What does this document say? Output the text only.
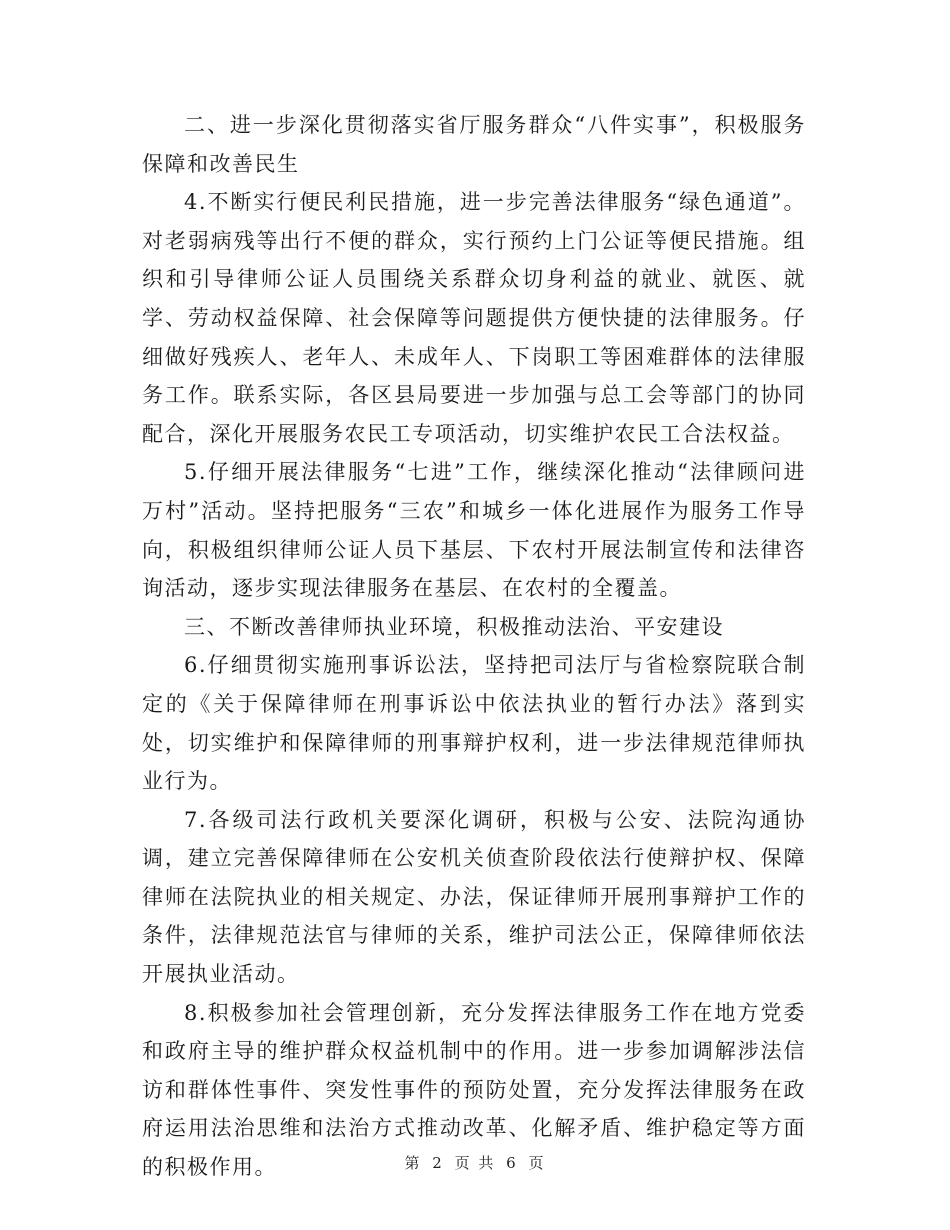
二、进一步深化贯彻落实省厅服务群众“八件实事”，积极服务保障和改善民生

4.不断实行便民利民措施，进一步完善法律服务“绿色通道”。对老弱病残等出行不便的群众，实行预约上门公证等便民措施。组织和引导律师公证人员围绕关系群众切身利益的就业、就医、就学、劳动权益保障、社会保障等问题提供方便快捷的法律服务。仔细做好残疾人、老年人、未成年人、下岗职工等困难群体的法律服务工作。联系实际，各区县局要进一步加强与总工会等部门的协同配合，深化开展服务农民工专项活动，切实维护农民工合法权益。

5.仔细开展法律服务“七进”工作，继续深化推动“法律顾问进万村”活动。坚持把服务“三农”和城乡一体化进展作为服务工作导向，积极组织律师公证人员下基层、下农村开展法制宣传和法律咨询活动，逐步实现法律服务在基层、在农村的全覆盖。

三、不断改善律师执业环境，积极推动法治、平安建设

6.仔细贯彻实施刑事诉讼法，坚持把司法厅与省检察院联合制定的《关于保障律师在刑事诉讼中依法执业的暂行办法》落到实处，切实维护和保障律师的刑事辩护权利，进一步法律规范律师执业行为。

7.各级司法行政机关要深化调研，积极与公安、法院沟通协调，建立完善保障律师在公安机关侦查阶段依法行使辩护权、保障律师在法院执业的相关规定、办法，保证律师开展刑事辩护工作的条件，法律规范法官与律师的关系，维护司法公正，保障律师依法开展执业活动。

8.积极参加社会管理创新，充分发挥法律服务工作在地方党委和政府主导的维护群众权益机制中的作用。进一步参加调解涉法信访和群体性事件、突发性事件的预防处置，充分发挥法律服务在政府运用法治思维和法治方式推动改革、化解矛盾、维护稳定等方面的积极作用。	第 2 页 共 6 页
